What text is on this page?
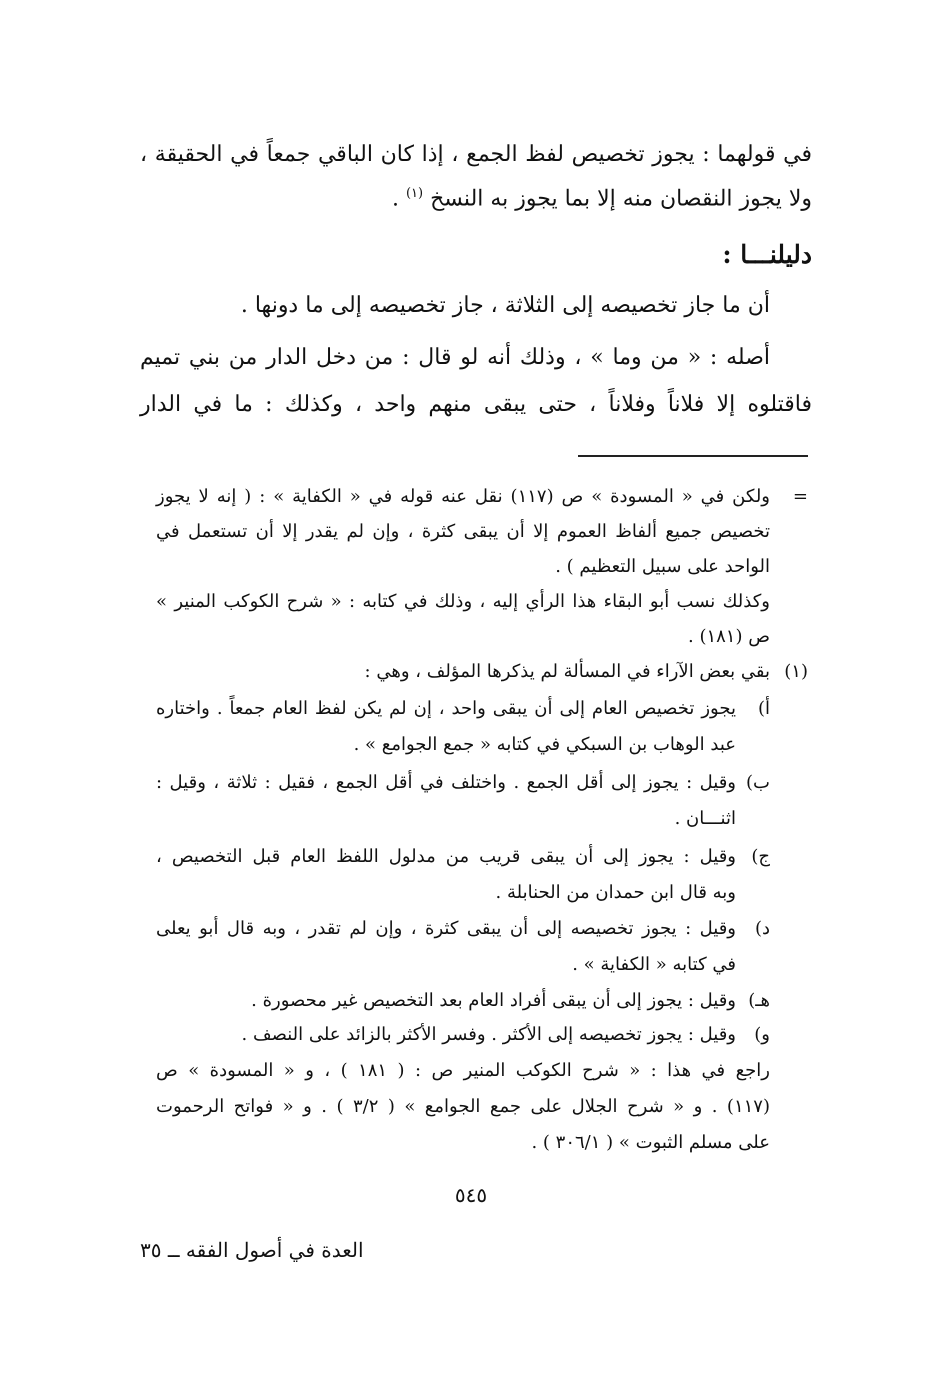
في قولهما : يجوز تخصيص لفظ الجمع ، إذا كان الباقي جمعاً في الحقيقة ،
ولا يجوز النقصان منه إلا بما يجوز به النسخ $^{(١)}$ .
دليلنـــا :
أن ما جاز تخصيصه إلى الثلاثة ، جاز تخصيصه إلى ما دونها .
أصله : « من وما » ، وذلك أنه لو قال : من دخل الدار من بني تميم
فاقتلوه إلا فلاناً وفلاناً ، حتى يبقى منهم واحد ، وكذلك : ما في الدار
=
ولكن في « المسودة » ص (١١٧) نقل عنه قوله في « الكفاية » : ( إنه لا يجوز
تخصيص جميع ألفاظ العموم إلا أن يبقى كثرة ، وإن لم يقدر إلا أن تستعمل في
الواحد على سبيل التعظيم ) .
وكذلك نسب أبو البقاء هذا الرأي إليه ، وذلك في كتابه : « شرح الكوكب المنير »
ص (١٨١) .
(١)
بقي بعض الآراء في المسألة لم يذكرها المؤلف ، وهي :
أ)
يجوز تخصيص العام إلى أن يبقى واحد ، إن لم يكن لفظ العام جمعاً . واختاره
عبد الوهاب بن السبكي في كتابه « جمع الجوامع » .
ب)
وقيل : يجوز إلى أقل الجمع . واختلف في أقل الجمع ، فقيل : ثلاثة ، وقيل :
اثنـــان .
ج)
وقيل : يجوز إلى أن يبقى قريب من مدلول اللفظ العام قبل التخصيص ،
وبه قال ابن حمدان من الحنابلة .
د)
وقيل : يجوز تخصيصه إلى أن يبقى كثرة ، وإن لم تقدر ، وبه قال أبو يعلى
في كتابه « الكفاية » .
هـ)
وقيل : يجوز إلى أن يبقى أفراد العام بعد التخصيص غير محصورة .
و)
وقيل : يجوز تخصيصه إلى الأكثر . وفسر الأكثر بالزائد على النصف .
راجع في هذا : « شرح الكوكب المنير ص : ( ١٨١ ) ، و « المسودة » ص
(١١٧) . و « شرح الجلال على جمع الجوامع » ( ٣/٢ ) . و « فواتح الرحموت
على مسلم الثبوت » ( ٣٠٦/١ ) .
٥٤٥
العدة في أصول الفقه ــ ٣٥
